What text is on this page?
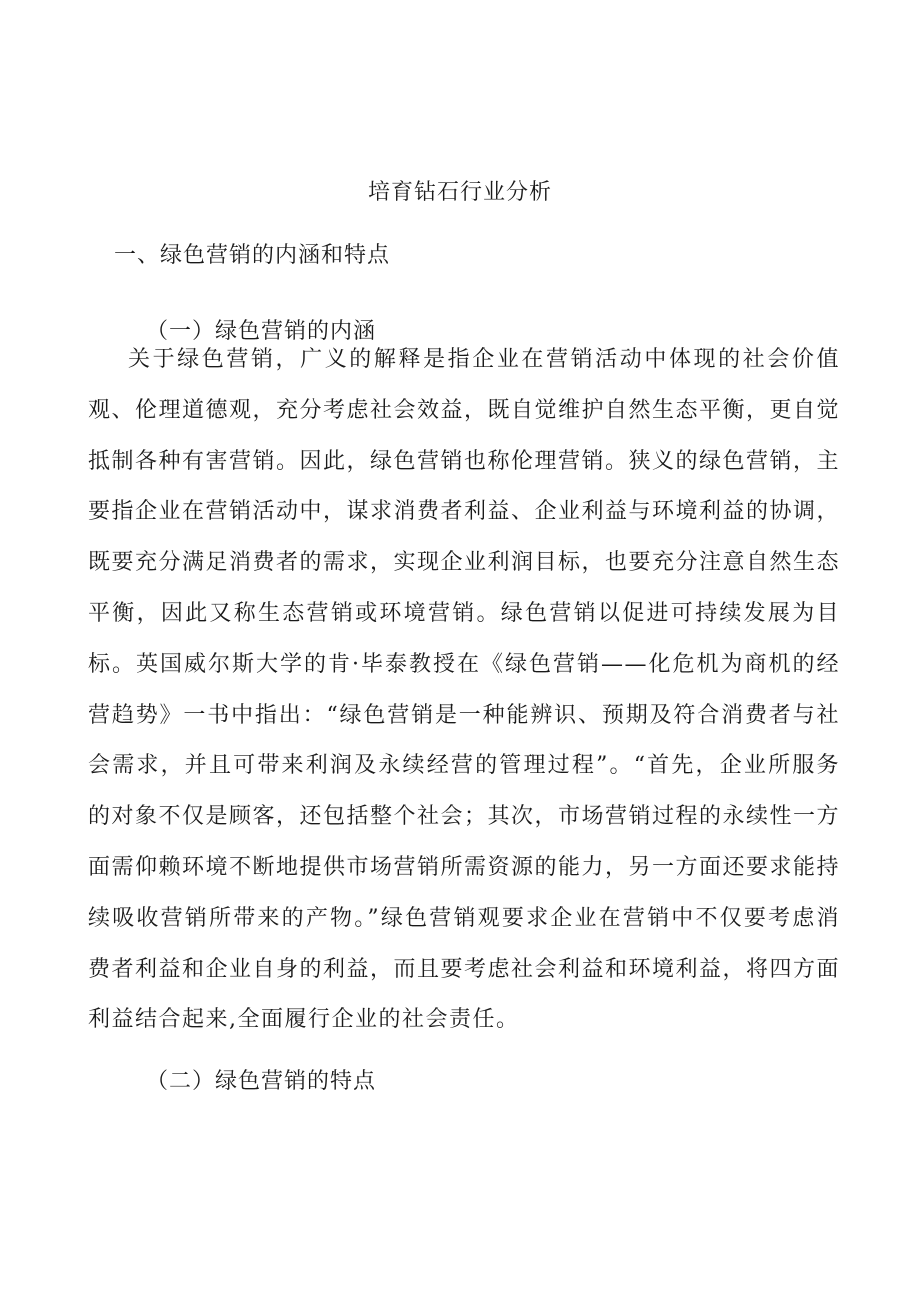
培育钻石行业分析
一、绿色营销的内涵和特点
（一）绿色营销的内涵

关于绿色营销，广义的解释是指企业在营销活动中体现的社会价值观、伦理道德观，充分考虑社会效益，既自觉维护自然生态平衡，更自觉抵制各种有害营销。因此，绿色营销也称伦理营销。狭义的绿色营销，主要指企业在营销活动中，谋求消费者利益、企业利益与环境利益的协调，既要充分满足消费者的需求，实现企业利润目标，也要充分注意自然生态平衡，因此又称生态营销或环境营销。绿色营销以促进可持续发展为目标。英国威尔斯大学的肯·毕泰教授在《绿色营销——化危机为商机的经营趋势》一书中指出：“绿色营销是一种能辨识、预期及符合消费者与社会需求，并且可带来利润及永续经营的管理过程”。“首先，企业所服务的对象不仅是顾客，还包括整个社会；其次，市场营销过程的永续性一方面需仰赖环境不断地提供市场营销所需资源的能力，另一方面还要求能持续吸收营销所带来的产物。”绿色营销观要求企业在营销中不仅要考虑消费者利益和企业自身的利益，而且要考虑社会利益和环境利益，将四方面利益结合起来,全面履行企业的社会责任。

（二）绿色营销的特点
